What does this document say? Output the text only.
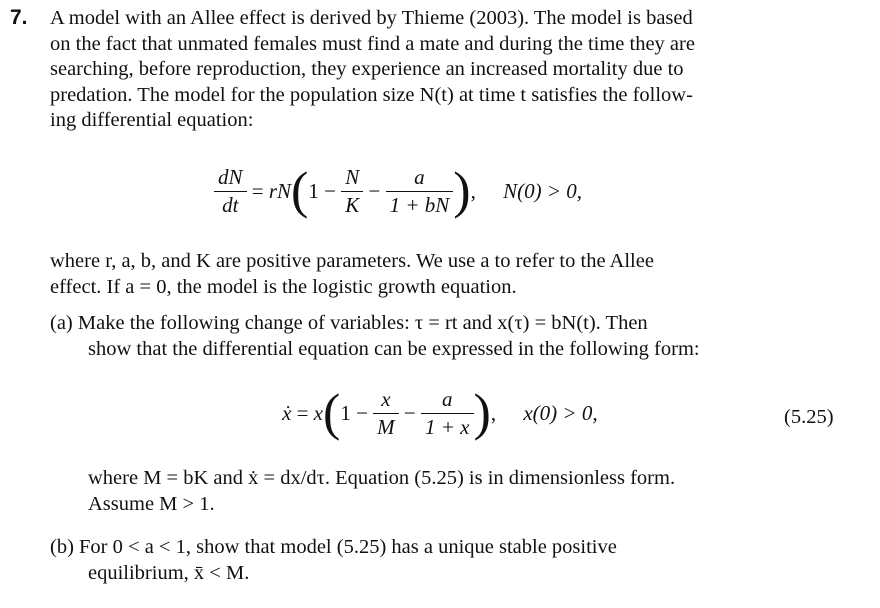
7. A model with an Allee effect is derived by Thieme (2003). The model is based
on the fact that unmated females must find a mate and during the time they are
searching, before reproduction, they experience an increased mortality due to
predation. The model for the population size N(t) at time t satisfies the follow-
ing differential equation:
$\frac{dN}{dt} = rN(1 - \frac{N}{K} - \frac{a}{1 + bN}$ ), N(0) > 0,
where r, a, b, and K are positive parameters. We use a to refer to the Allee
effect. If a = 0, the model is the logistic growth equation.
(a) Make the following change of variables: τ = rt and x(τ) = bN(t). Then
show that the differential equation can be expressed in the following form:
ẋ = $x(1 - \frac{x}{M} - \frac{a}{1 + x}$ ), x(0) > 0,	(5.25)
where M = bK and ẋ = dx/dτ. Equation (5.25) is in dimensionless form.
Assume M > 1.
(b) For 0 < a < 1, show that model (5.25) has a unique stable positive
equilibrium, x̄ < M.
